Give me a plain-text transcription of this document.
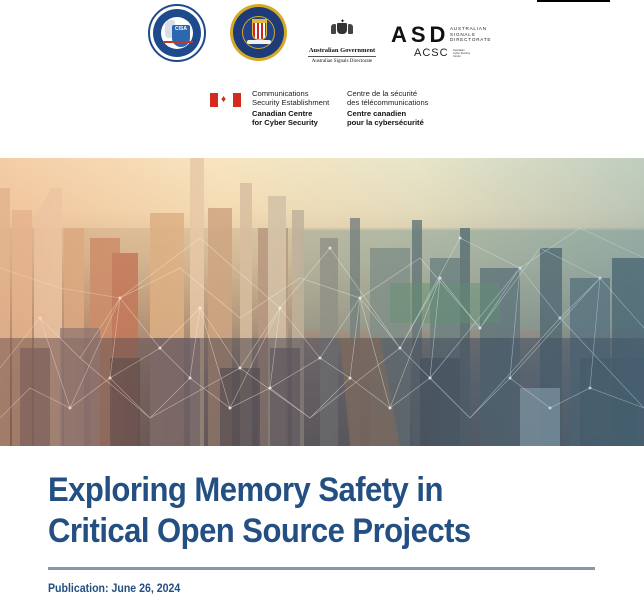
CISA
✦
Australian Government
Australian Signals Directorate
ASD AUSTRALIAN
SIGNALS
DIRECTORATE
ACSC Australian
Cyber Security
Centre
♦
Communications
Security Establishment
Canadian Centre
for Cyber Security
Centre de la sécurité
des télécommunications
Centre canadien
pour la cybersécurité
Exploring Memory Safety in
Critical Open Source Projects
Publication: June 26, 2024
